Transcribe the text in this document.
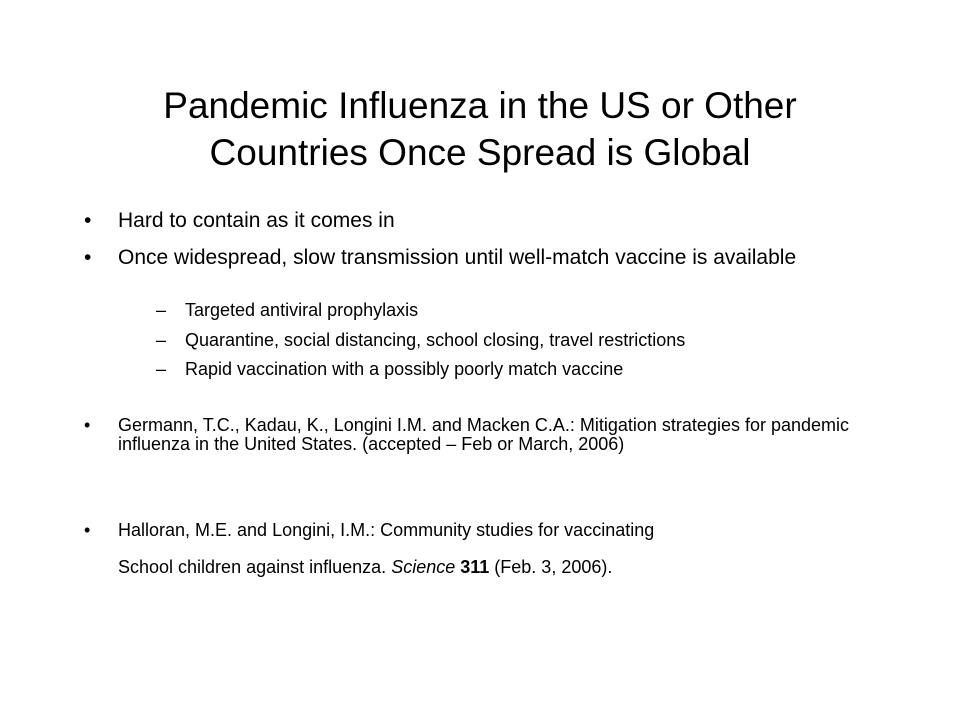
Pandemic Influenza in the US or Other
Countries Once Spread is Global
•	Hard to contain as it comes in
•	Once widespread, slow transmission until well-match vaccine is available
–	Targeted antiviral prophylaxis
–	Quarantine, social distancing, school closing, travel restrictions
–	Rapid vaccination with a possibly poorly match vaccine
•	Germann, T.C., Kadau, K., Longini I.M. and Macken C.A.: Mitigation strategies for pandemic influenza in the United States. (accepted – Feb or March, 2006)
•	Halloran, M.E. and Longini, I.M.: Community studies for vaccinating
School children against influenza. Science 311 (Feb. 3, 2006).
